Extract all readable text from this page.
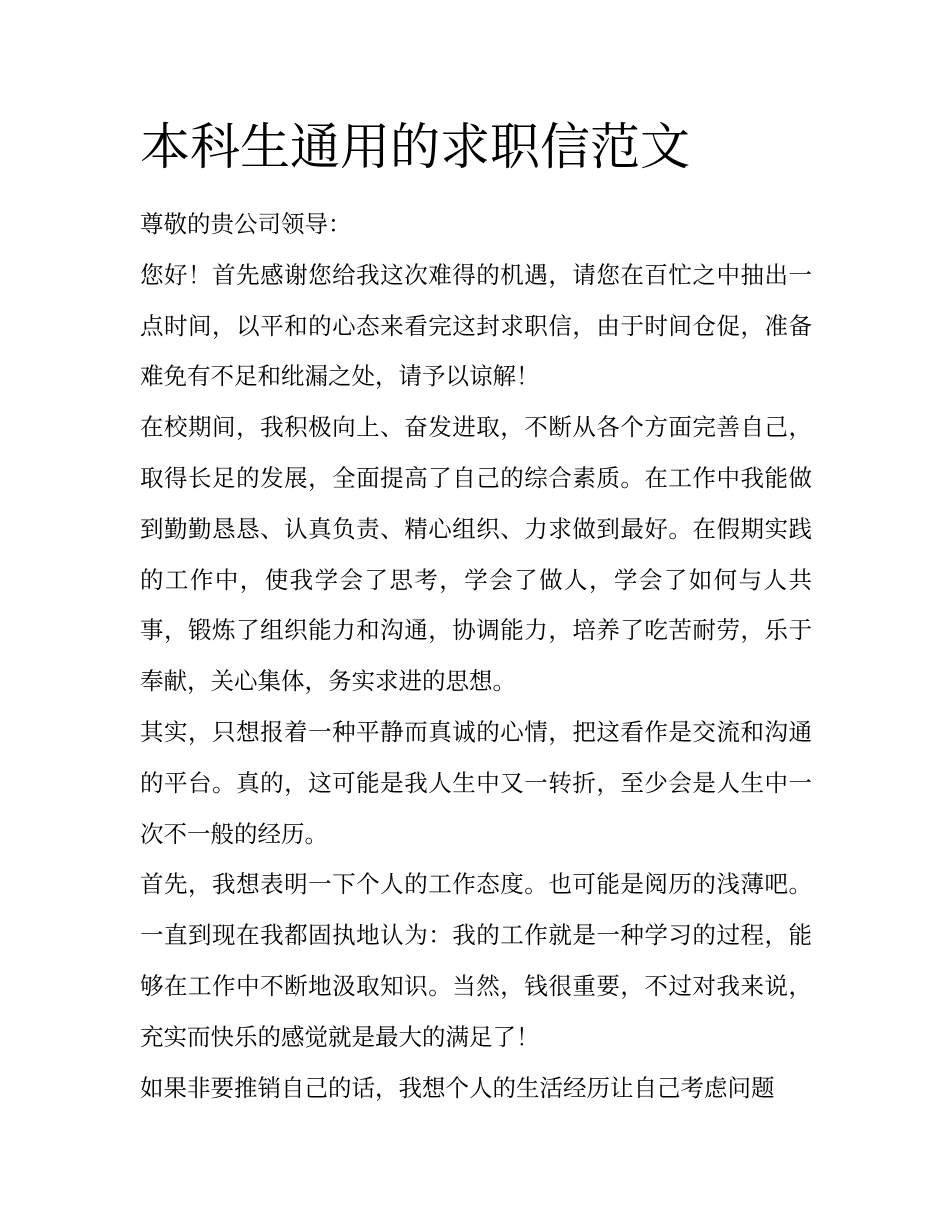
本科生通用的求职信范文

尊敬的贵公司领导：

您好！首先感谢您给我这次难得的机遇，请您在百忙之中抽出一点时间，以平和的心态来看完这封求职信，由于时间仓促，准备难免有不足和纰漏之处，请予以谅解！

在校期间，我积极向上、奋发进取，不断从各个方面完善自己，取得长足的发展，全面提高了自己的综合素质。在工作中我能做到勤勤恳恳、认真负责、精心组织、力求做到最好。在假期实践的工作中，使我学会了思考，学会了做人，学会了如何与人共事，锻炼了组织能力和沟通，协调能力，培养了吃苦耐劳，乐于奉献，关心集体，务实求进的思想。

其实，只想报着一种平静而真诚的心情，把这看作是交流和沟通的平台。真的，这可能是我人生中又一转折，至少会是人生中一次不一般的经历。

首先，我想表明一下个人的工作态度。也可能是阅历的浅薄吧。一直到现在我都固执地认为：我的工作就是一种学习的过程，能够在工作中不断地汲取知识。当然，钱很重要，不过对我来说，充实而快乐的感觉就是最大的满足了！

如果非要推销自己的话，我想个人的生活经历让自己考虑问题
